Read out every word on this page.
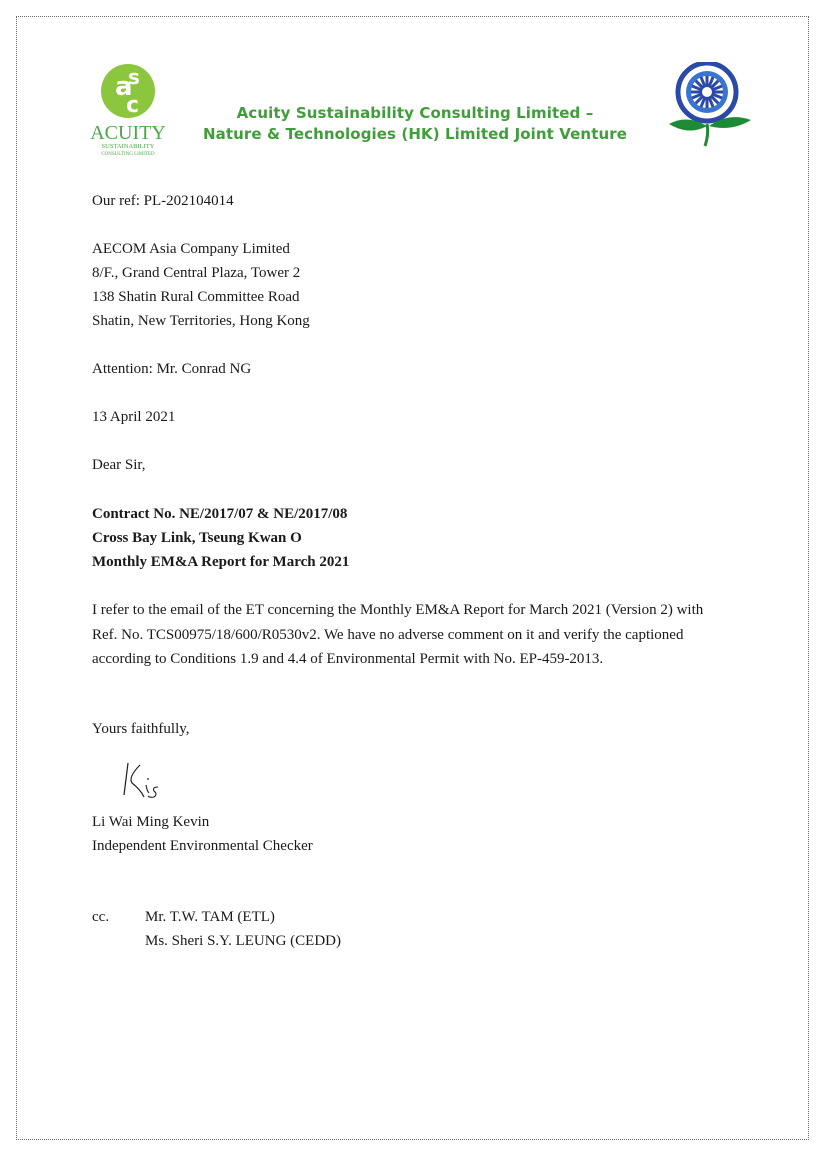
a
s
c
ACUITY
SUSTAINABILITY
CONSULTING LIMITED
Acuity Sustainability Consulting Limited –
Nature & Technologies (HK) Limited Joint Venture
Our ref: PL-202104014
AECOM Asia Company Limited
8/F., Grand Central Plaza, Tower 2
138 Shatin Rural Committee Road
Shatin, New Territories, Hong Kong
Attention: Mr. Conrad NG
13 April 2021
Dear Sir,
Contract No. NE/2017/07 & NE/2017/08
Cross Bay Link, Tseung Kwan O
Monthly EM&A Report for March 2021
I refer to the email of the ET concerning the Monthly EM&A Report for March 2021 (Version 2) with
Ref. No. TCS00975/18/600/R0530v2. We have no adverse comment on it and verify the captioned
according to Conditions 1.9 and 4.4 of Environmental Permit with No. EP-459-2013.
Yours faithfully,
Li Wai Ming Kevin
Independent Environmental Checker
cc. Mr. T.W. TAM (ETL)
Ms. Sheri S.Y. LEUNG (CEDD)
